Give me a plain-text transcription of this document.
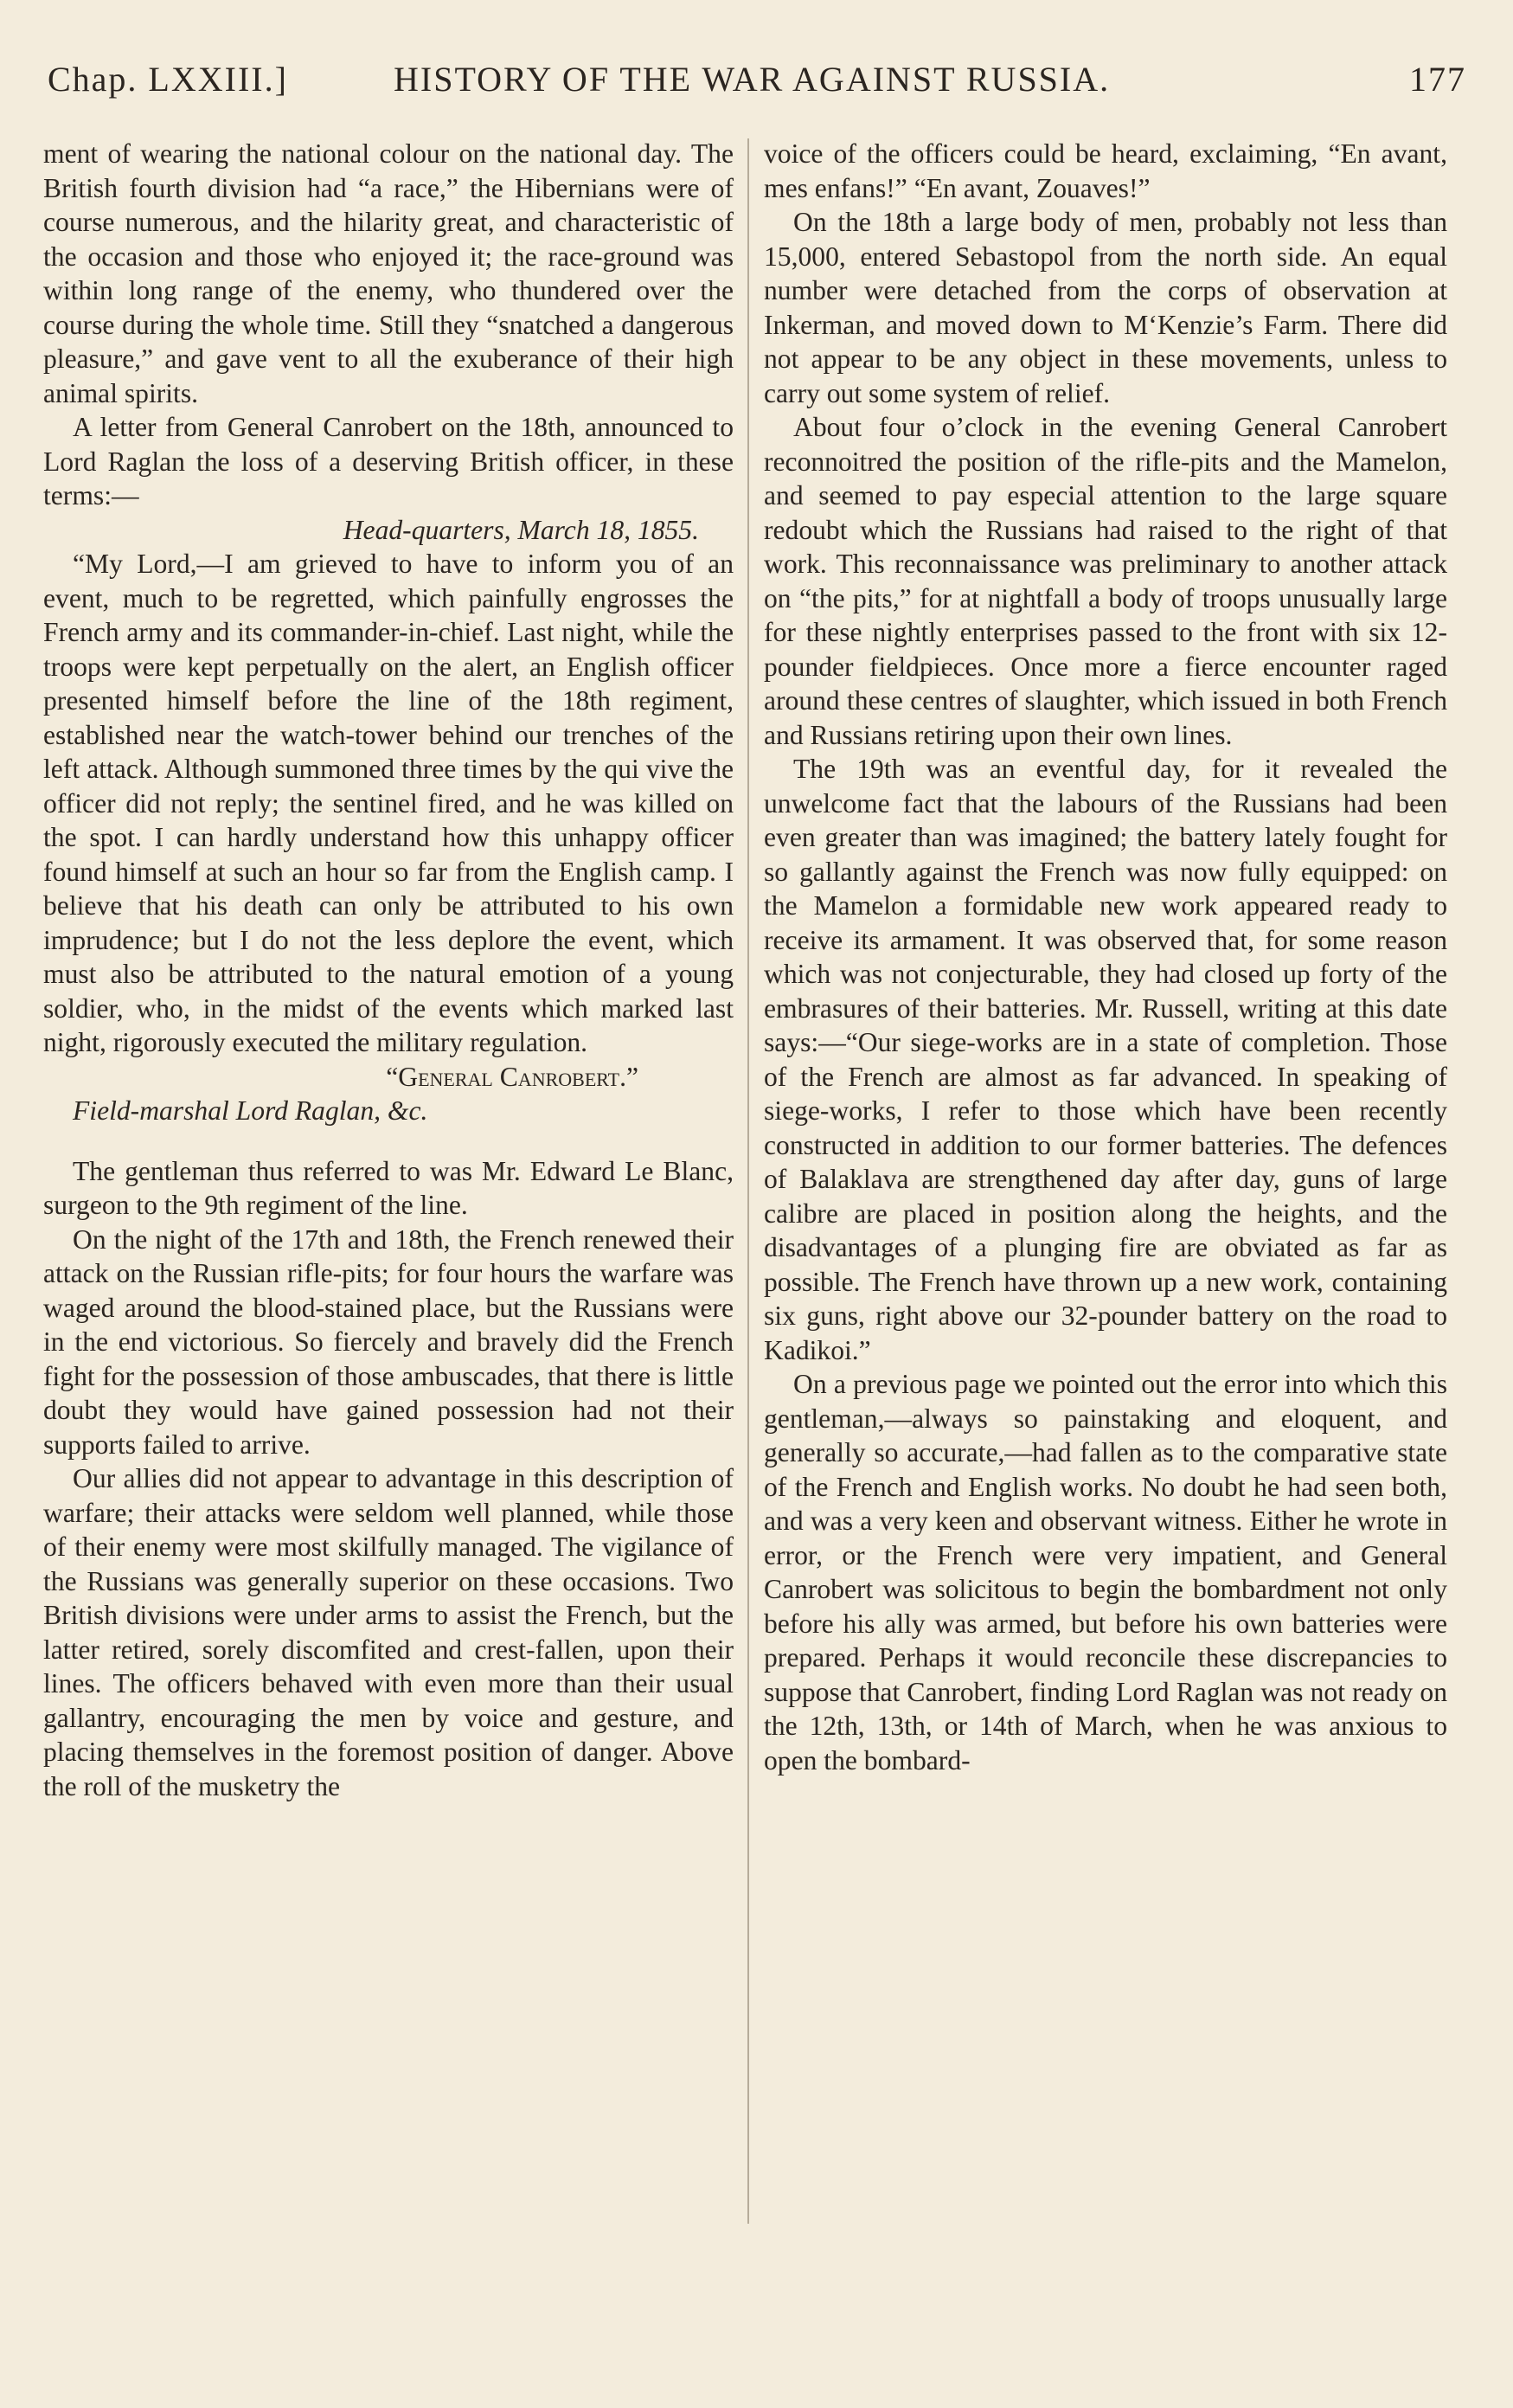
Chap. LXXIII.]	HISTORY OF THE WAR AGAINST RUSSIA.	177

ment of wearing the national colour on the national day. The British fourth division had “a race,” the Hibernians were of course numerous, and the hilarity great, and characteristic of the occasion and those who enjoyed it; the race-ground was within long range of the enemy, who thundered over the course during the whole time. Still they “snatched a dangerous pleasure,” and gave vent to all the exuberance of their high animal spirits.

A letter from General Canrobert on the 18th, announced to Lord Raglan the loss of a deserving British officer, in these terms:—

Head-quarters, March 18, 1855.

“My Lord,—I am grieved to have to inform you of an event, much to be regretted, which painfully engrosses the French army and its commander-in-chief. Last night, while the troops were kept perpetually on the alert, an English officer presented himself before the line of the 18th regiment, established near the watch-tower behind our trenches of the left attack. Although summoned three times by the qui vive the officer did not reply; the sentinel fired, and he was killed on the spot. I can hardly understand how this unhappy officer found himself at such an hour so far from the English camp. I believe that his death can only be attributed to his own imprudence; but I do not the less deplore the event, which must also be attributed to the natural emotion of a young soldier, who, in the midst of the events which marked last night, rigorously executed the military regulation.

“General Canrobert.”

Field-marshal Lord Raglan, &c.

The gentleman thus referred to was Mr. Edward Le Blanc, surgeon to the 9th regiment of the line.

On the night of the 17th and 18th, the French renewed their attack on the Russian rifle-pits; for four hours the warfare was waged around the blood-stained place, but the Russians were in the end victorious. So fiercely and bravely did the French fight for the possession of those ambuscades, that there is little doubt they would have gained possession had not their supports failed to arrive.

Our allies did not appear to advantage in this description of warfare; their attacks were seldom well planned, while those of their enemy were most skilfully managed. The vigilance of the Russians was generally superior on these occasions. Two British divisions were under arms to assist the French, but the latter retired, sorely discomfited and crest-fallen, upon their lines. The officers behaved with even more than their usual gallantry, encouraging the men by voice and gesture, and placing themselves in the foremost position of danger. Above the roll of the musketry the

voice of the officers could be heard, exclaiming, “En avant, mes enfans!” “En avant, Zouaves!”

On the 18th a large body of men, probably not less than 15,000, entered Sebastopol from the north side. An equal number were detached from the corps of observation at Inkerman, and moved down to M‘Kenzie’s Farm. There did not appear to be any object in these movements, unless to carry out some system of relief.

About four o’clock in the evening General Canrobert reconnoitred the position of the rifle-pits and the Mamelon, and seemed to pay especial attention to the large square redoubt which the Russians had raised to the right of that work. This reconnaissance was preliminary to another attack on “the pits,” for at nightfall a body of troops unusually large for these nightly enterprises passed to the front with six 12-pounder fieldpieces. Once more a fierce encounter raged around these centres of slaughter, which issued in both French and Russians retiring upon their own lines.

The 19th was an eventful day, for it revealed the unwelcome fact that the labours of the Russians had been even greater than was imagined; the battery lately fought for so gallantly against the French was now fully equipped: on the Mamelon a formidable new work appeared ready to receive its armament. It was observed that, for some reason which was not conjecturable, they had closed up forty of the embrasures of their batteries. Mr. Russell, writing at this date says:—“Our siege-works are in a state of completion. Those of the French are almost as far advanced. In speaking of siege-works, I refer to those which have been recently constructed in addition to our former batteries. The defences of Balaklava are strengthened day after day, guns of large calibre are placed in position along the heights, and the disadvantages of a plunging fire are obviated as far as possible. The French have thrown up a new work, containing six guns, right above our 32-pounder battery on the road to Kadikoi.”

On a previous page we pointed out the error into which this gentleman,—always so painstaking and eloquent, and generally so accurate,—had fallen as to the comparative state of the French and English works. No doubt he had seen both, and was a very keen and observant witness. Either he wrote in error, or the French were very impatient, and General Canrobert was solicitous to begin the bombardment not only before his ally was armed, but before his own batteries were prepared. Perhaps it would reconcile these discrepancies to suppose that Canrobert, finding Lord Raglan was not ready on the 12th, 13th, or 14th of March, when he was anxious to open the bombard-
